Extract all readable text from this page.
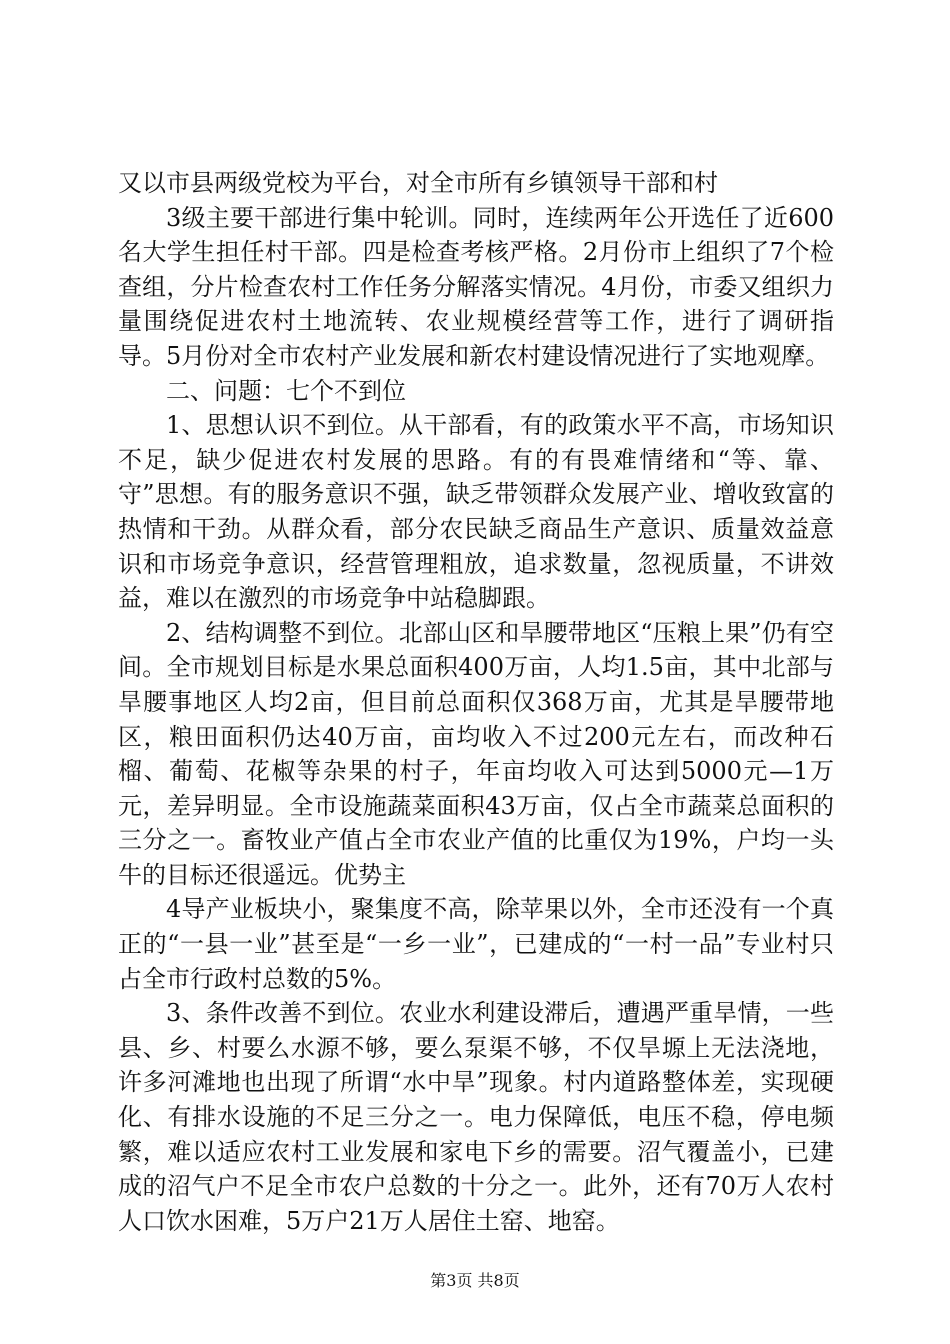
又以市县两级党校为平台，对全市所有乡镇领导干部和村

3级主要干部进行集中轮训。同时，连续两年公开选任了近600名大学生担任村干部。四是检查考核严格。2月份市上组织了7个检查组，分片检查农村工作任务分解落实情况。4月份，市委又组织力量围绕促进农村土地流转、农业规模经营等工作，进行了调研指导。5月份对全市农村产业发展和新农村建设情况进行了实地观摩。

二、问题：七个不到位

1、思想认识不到位。从干部看，有的政策水平不高，市场知识不足，缺少促进农村发展的思路。有的有畏难情绪和“等、靠、守”思想。有的服务意识不强，缺乏带领群众发展产业、增收致富的热情和干劲。从群众看，部分农民缺乏商品生产意识、质量效益意识和市场竞争意识，经营管理粗放，追求数量，忽视质量，不讲效益，难以在激烈的市场竞争中站稳脚跟。

2、结构调整不到位。北部山区和旱腰带地区“压粮上果”仍有空间。全市规划目标是水果总面积400万亩，人均1.5亩，其中北部与旱腰事地区人均2亩，但目前总面积仅368万亩，尤其是旱腰带地区，粮田面积仍达40万亩，亩均收入不过200元左右，而改种石榴、葡萄、花椒等杂果的村子，年亩均收入可达到5000元—1万元，差异明显。全市设施蔬菜面积43万亩，仅占全市蔬菜总面积的三分之一。畜牧业产值占全市农业产值的比重仅为19%，户均一头牛的目标还很遥远。优势主

4导产业板块小，聚集度不高，除苹果以外，全市还没有一个真正的“一县一业”甚至是“一乡一业”，已建成的“一村一品”专业村只占全市行政村总数的5%。

3、条件改善不到位。农业水利建设滞后，遭遇严重旱情，一些县、乡、村要么水源不够，要么泵渠不够，不仅旱塬上无法浇地，许多河滩地也出现了所谓“水中旱”现象。村内道路整体差，实现硬化、有排水设施的不足三分之一。电力保障低，电压不稳，停电频繁，难以适应农村工业发展和家电下乡的需要。沼气覆盖小，已建成的沼气户不足全市农户总数的十分之一。此外，还有70万人农村人口饮水困难，5万户21万人居住土窑、地窑。

第3页 共8页
